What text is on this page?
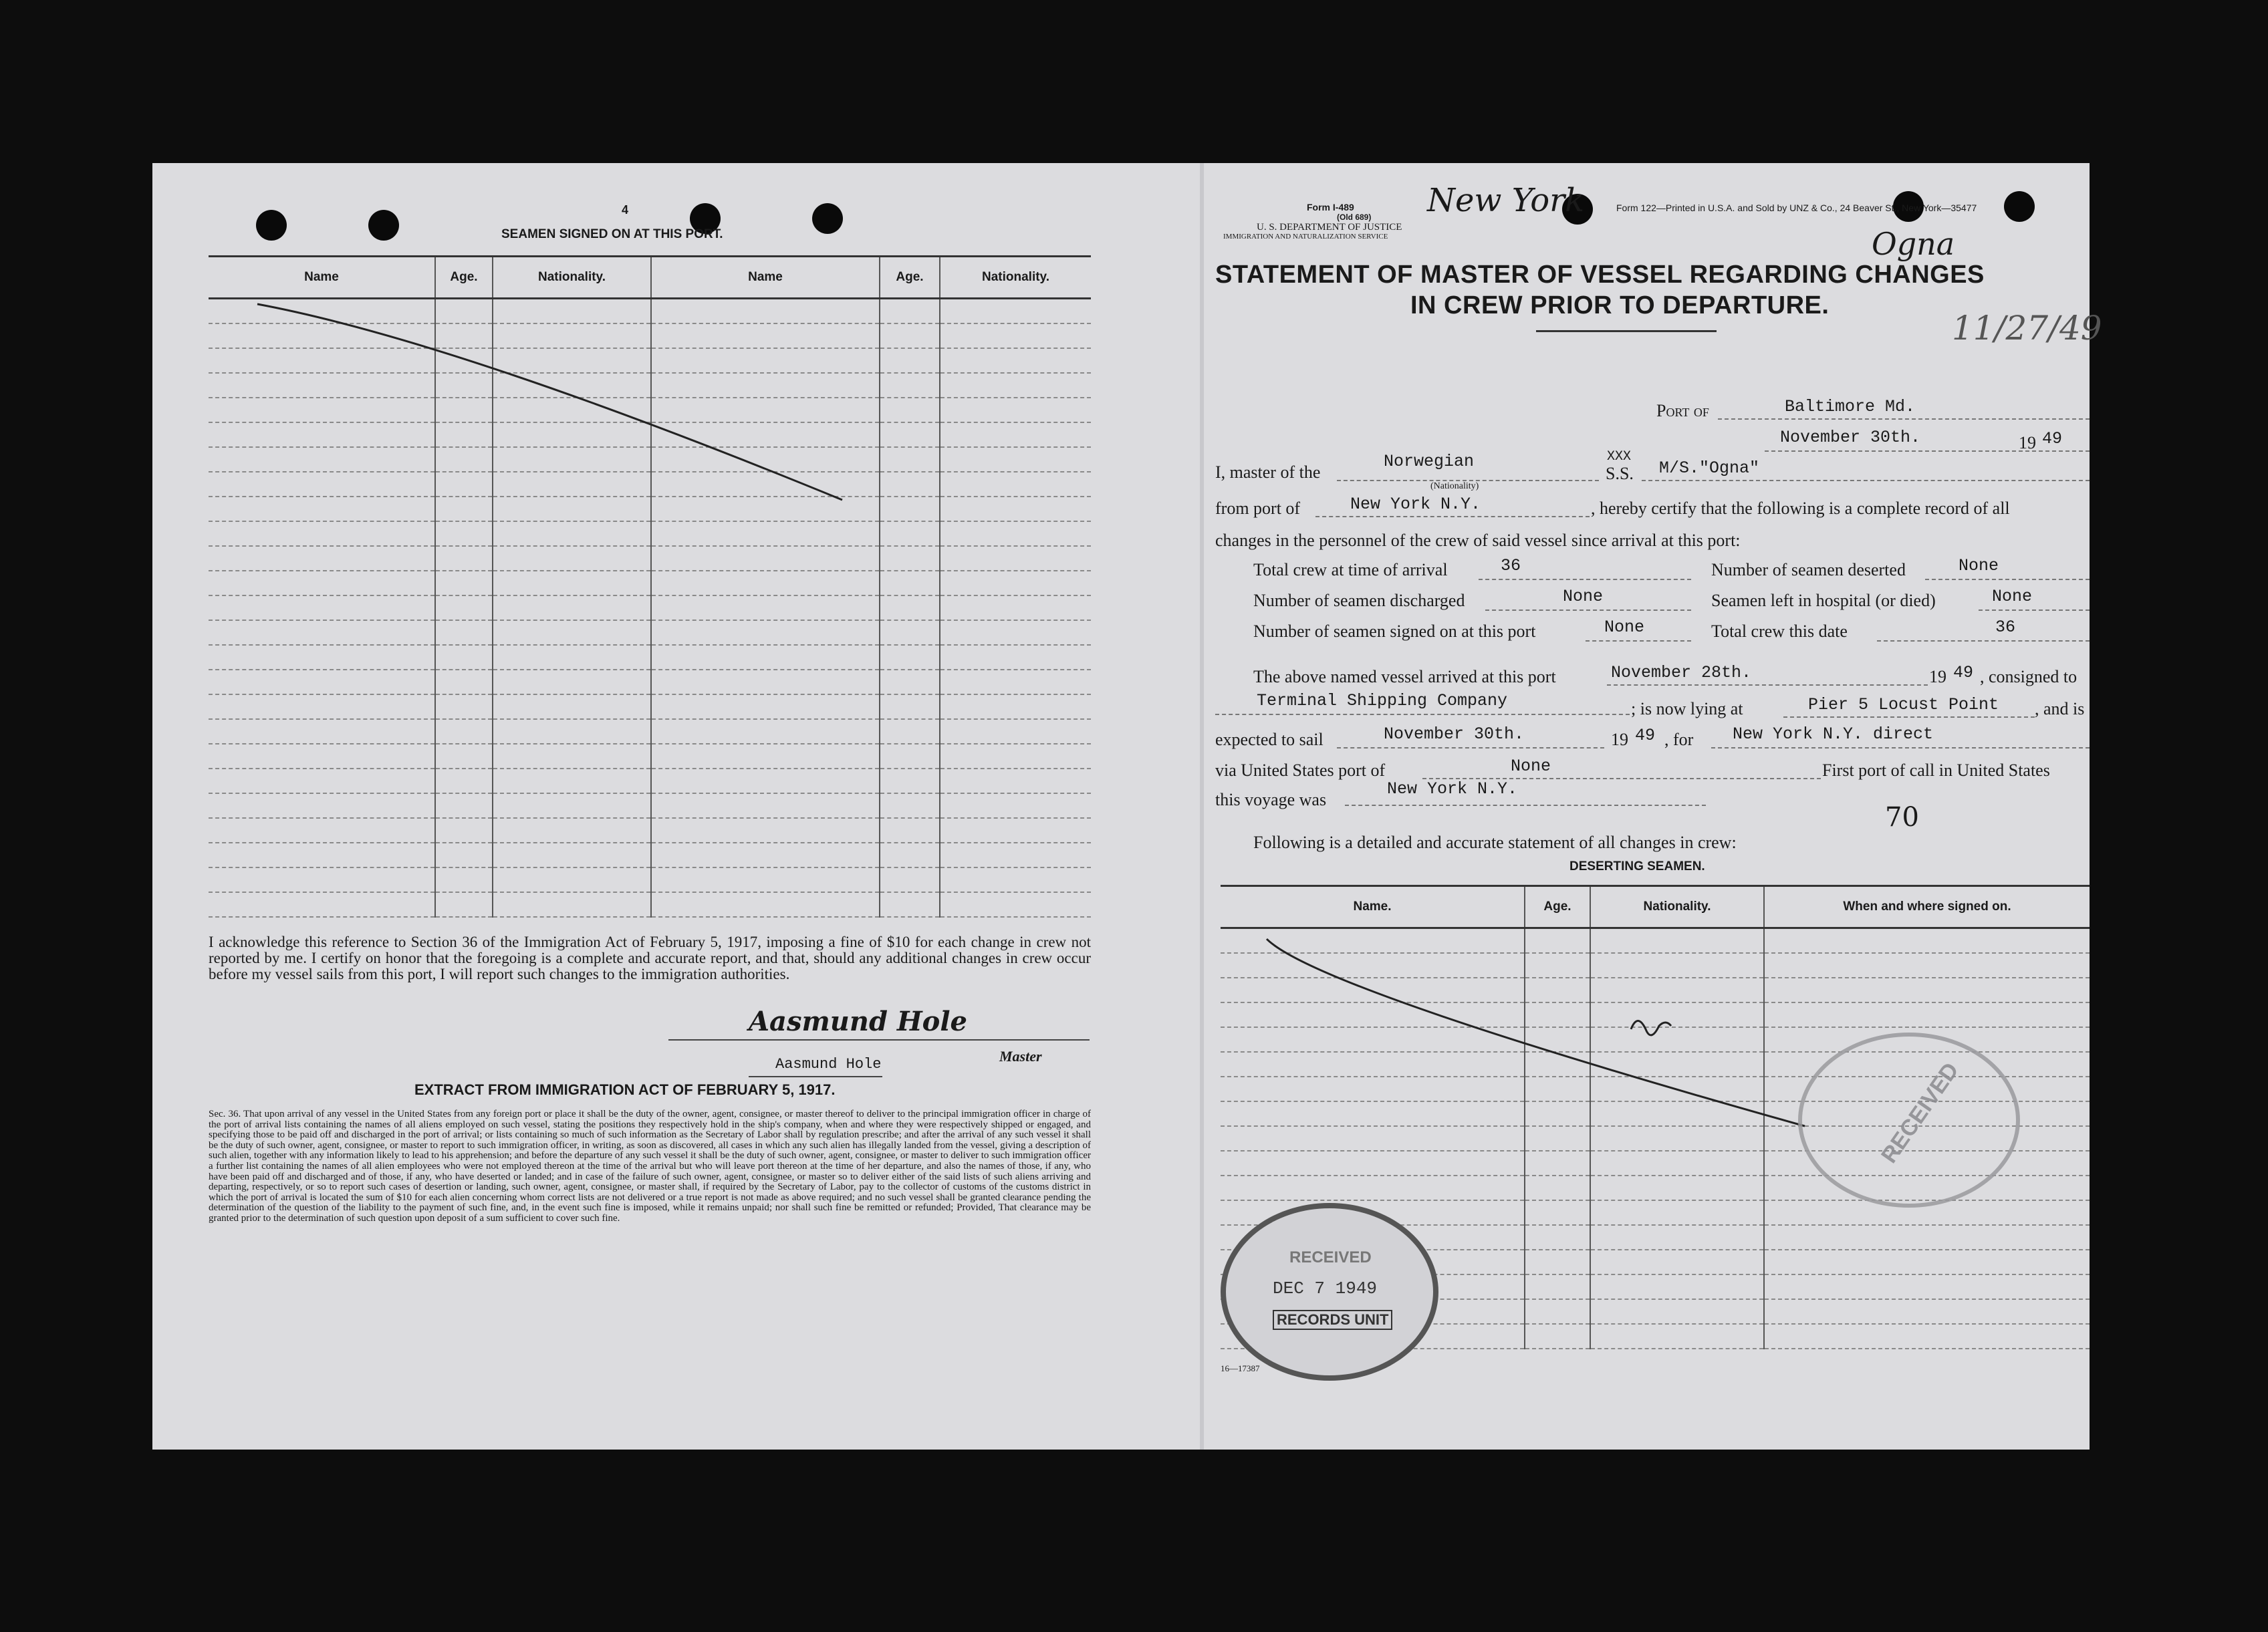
4
SEAMEN SIGNED ON AT THIS PORT.
Name	Age.	Nationality.	Name	Age.	Nationality.

I acknowledge this reference to Section 36 of the Immigration Act of February 5, 1917, imposing a fine of $10 for each change in crew not reported by me. I certify on honor that the foregoing is a complete and accurate report, and that, should any additional changes in crew occur before my vessel sails from this port, I will report such changes to the immigration authorities.
Aasmund Hole
Aasmund Hole	Master
EXTRACT FROM IMMIGRATION ACT OF FEBRUARY 5, 1917.
Sec. 36. That upon arrival of any vessel in the United States from any foreign port or place it shall be the duty of the owner, agent, consignee, or master thereof to deliver to the principal immigration officer in charge of the port of arrival lists containing the names of all aliens employed on such vessel, stating the positions they respectively hold in the ship's company, when and where they were respectively shipped or engaged, and specifying those to be paid off and discharged in the port of arrival; or lists containing so much of such information as the Secretary of Labor shall by regulation prescribe; and after the arrival of any such vessel it shall be the duty of such owner, agent, consignee, or master to report to such immigration officer, in writing, as soon as discovered, all cases in which any such alien has illegally landed from the vessel, giving a description of such alien, together with any information likely to lead to his apprehension; and before the departure of any such vessel it shall be the duty of such owner, agent, consignee, or master to deliver to such immigration officer a further list containing the names of all alien employees who were not employed thereon at the time of the arrival but who will leave port thereon at the time of her departure, and also the names of those, if any, who have been paid off and discharged and of those, if any, who have deserted or landed; and in case of the failure of such owner, agent, consignee, or master so to deliver either of the said lists of such aliens arriving and departing, respectively, or so to report such cases of desertion or landing, such owner, agent, consignee, or master shall, if required by the Secretary of Labor, pay to the collector of customs of the customs district in which the port of arrival is located the sum of $10 for each alien concerning whom correct lists are not delivered or a true report is not made as above required; and no such vessel shall be granted clearance pending the determination of the question of the liability to the payment of such fine, and, in the event such fine is imposed, while it remains unpaid; nor shall such fine be remitted or refunded; Provided, That clearance may be granted prior to the determination of such question upon deposit of a sum sufficient to cover such fine.
Form I-489
(Old 689)
U. S. DEPARTMENT OF JUSTICE
IMMIGRATION AND NATURALIZATION SERVICE
New York	Form 122—Printed in U.S.A. and Sold by UNZ & Co., 24 Beaver St., New York—35477
Ogna
11/27/49
STATEMENT OF MASTER OF VESSEL REGARDING CHANGES
IN CREW PRIOR TO DEPARTURE.
Port of	Baltimore Md.
November 30th.	19 49
I, master of the
Norwegian
(Nationality)
XXX
S.S. M/S."Ogna"
from port of	New York N.Y.	, hereby certify that the following is a complete record of all
changes in the personnel of the crew of said vessel since arrival at this port:
Total crew at time of arrival	36	Number of seamen deserted	None
Number of seamen discharged	None	Seamen left in hospital (or died)	None
Number of seamen signed on at this port	None	Total crew this date	36
The above named vessel arrived at this port	November 28th.	19 49 , consigned to
Terminal Shipping Company	; is now lying at	Pier 5 Locust Point , and is
expected to sail	November 30th.	19 49 , for New York N.Y. direct
via United States port of	None	First port of call in United States
this voyage was
New York N.Y.
70
Following is a detailed and accurate statement of all changes in crew:
DESERTING SEAMEN.
Name.	Age.	Nationality.	When and where signed on.

RECEIVED
RECEIVED
DEC 7 1949
RECORDS UNIT
16—17387
